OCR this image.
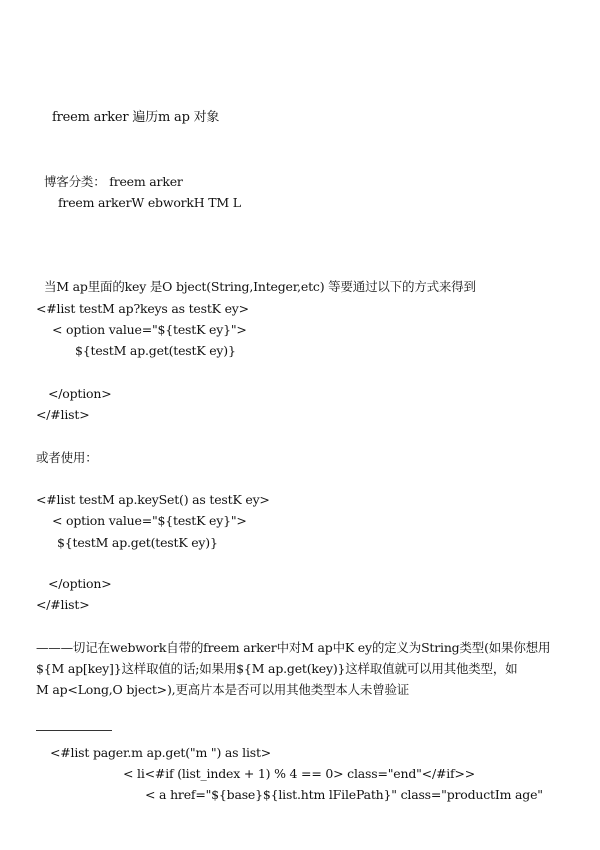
freem arker 遍历m ap 对象
博客分类： freem arker
freem arkerW ebworkH TM L
当M ap里面的key 是O bject(String,Integer,etc) 等要通过以下的方式来得到
<#list testM ap?keys as testK ey>
< option value="${testK ey}">
${testM ap.get(testK ey)}
</option>
</#list>
或者使用：
<#list testM ap.keySet() as testK ey>
< option value="${testK ey}">
${testM ap.get(testK ey)}
</option>
</#list>
———切记在webwork自带的freem arker中对M ap中K ey的定义为String类型(如果你想用
${M ap[key]}这样取值的话;如果用${M ap.get(key)}这样取值就可以用其他类型，如
M ap<Long,O bject>),更高片本是否可以用其他类型本人未曾验证
<#list pager.m ap.get("m ") as list>
< li<#if (list_index + 1) % 4 == 0> class="end"</#if>>
< a href="${base}${list.htm lFilePath}" class="productIm age"
